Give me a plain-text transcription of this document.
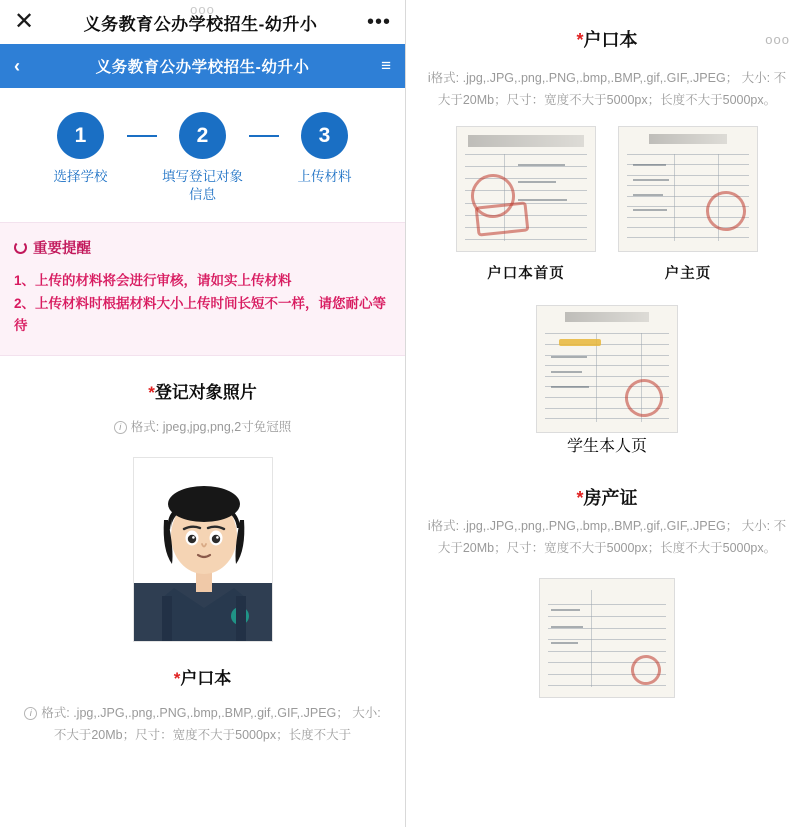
ooo
✕	义务教育公办学校招生-幼升小	•••
‹	义务教育公办学校招生-幼升小	≡
1
选择学校
2
填写登记对象信息
3
上传材料
重要提醒
1、上传的材料将会进行审核，请如实上传材料
2、上传材料时根据材料大小上传时间长短不一样，请您耐心等待
*登记对象照片
i 格式: jpeg,jpg,png,2寸免冠照
*户口本
i 格式: .jpg,.JPG,.png,.PNG,.bmp,.BMP,.gif,.GIF,.JPEG； 大小: 不大于20Mb；尺寸：宽度不大于5000px；长度不大于
*户口本	ooo
i格式: .jpg,.JPG,.png,.PNG,.bmp,.BMP,.gif,.GIF,.JPEG； 大小: 不大于20Mb；尺寸：宽度不大于5000px；长度不大于5000px。
户口本首页	户主页
学生本人页
*房产证
i格式: .jpg,.JPG,.png,.PNG,.bmp,.BMP,.gif,.GIF,.JPEG； 大小: 不大于20Mb；尺寸：宽度不大于5000px；长度不大于5000px。
